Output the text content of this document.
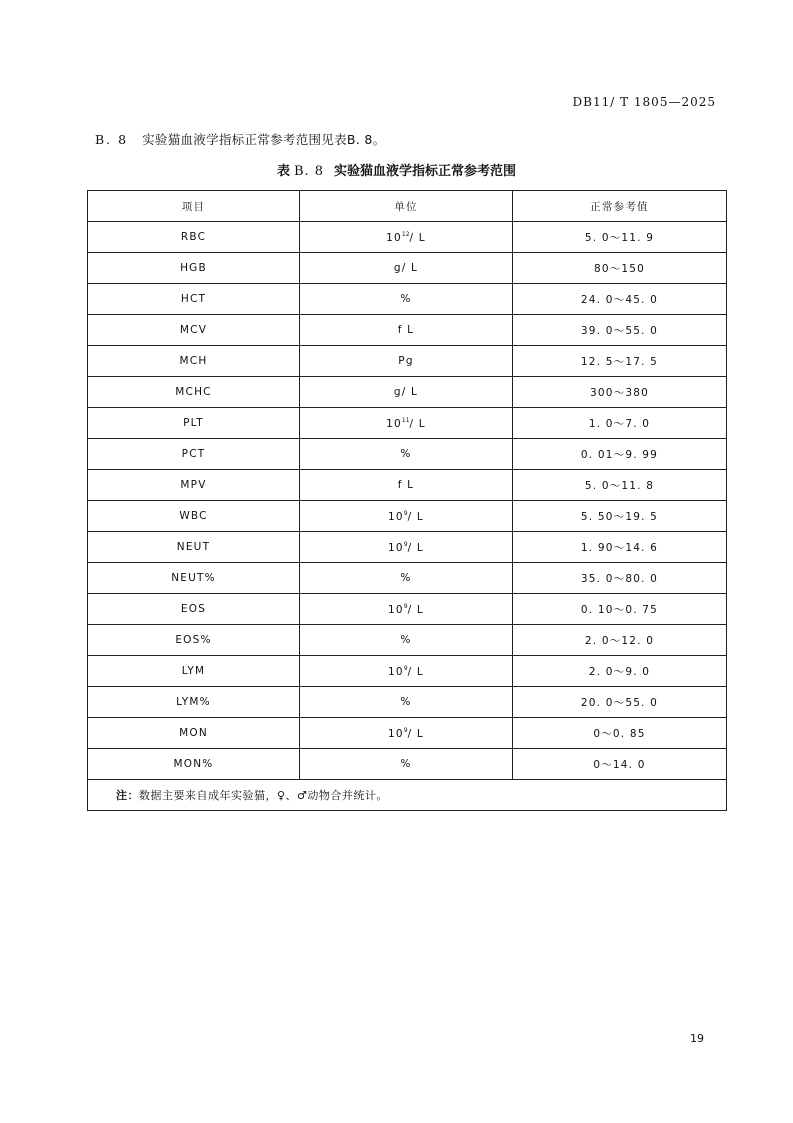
DB11/ T 1805—2025
B. 8 实验猫血液学指标正常参考范围见表B. 8。
表 B. 8 实验猫血液学指标正常参考范围
项目	单位	正常参考值
RBC	$10^{12}/$ L	5. 0～11. 9
HGB	g/ L	80～150
HCT	%	24. 0～45. 0
MCV	f L	39. 0～55. 0
MCH	Pg	12. 5～17. 5
MCHC	g/ L	300～380
PLT	$10^{11}/$ L	1. 0～7. 0
PCT	%	0. 01～9. 99
MPV	f L	5. 0～11. 8
WBC	$10^9/$ L	5. 50～19. 5
NEUT	$10^9/$ L	1. 90～14. 6
NEUT%	%	35. 0～80. 0
EOS	$10^9/$ L	0. 10～0. 75
EOS%	%	2. 0～12. 0
LYM	$10^9/$ L	2. 0～9. 0
LYM%	%	20. 0～55. 0
MON	$10^9/$ L	0～0. 85
MON%	%	0～14. 0
注：数据主要来自成年实验猫，♀、♂动物合并统计。		
19
